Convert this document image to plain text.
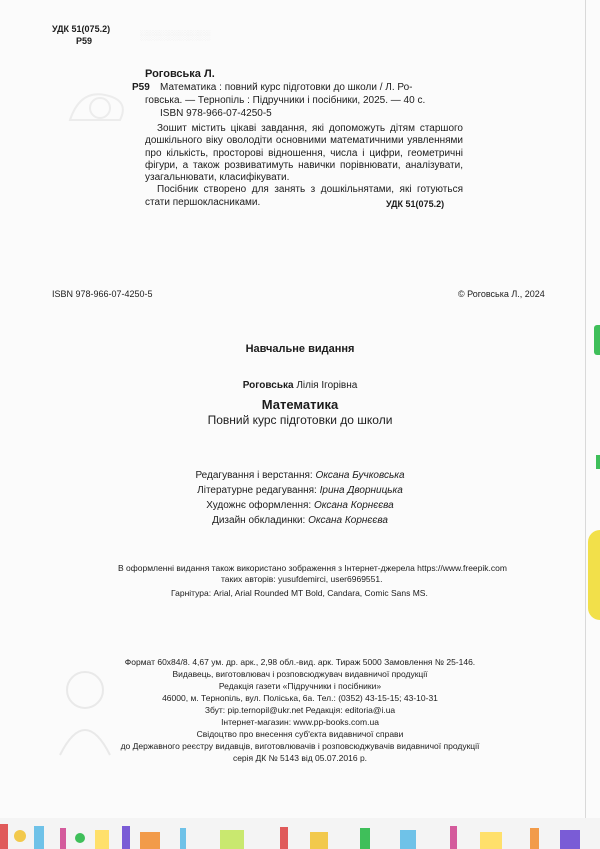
░░░░░░░░░░░
УДК 51(075.2)
Р59
Роговська Л.
Р59 Математика : повний курс підготовки до школи / Л. Ро-
говська. — Тернопіль : Підручники і посібники, 2025. — 40 с.
ISBN 978-966-07-4250-5

Зошит містить цікаві завдання, які допоможуть дітям старшого дошкільного віку оволодіти основними математичними уявленнями про кількість, просторові відношення, числа і цифри, геометричні фігури, а також розвиватимуть навички порівнювати, аналізувати, узагальнювати, класифікувати.

Посібник створено для занять з дошкільнятами, які готуються стати першокласниками.	УДК 51(075.2)
ISBN 978-966-07-4250-5	© Роговська Л., 2024
Навчальне видання
Роговська Лілія Ігорівна
Математика
Повний курс підготовки до школи
Редагування і верстання: Оксана Бучковська
Літературне редагування: Ірина Дворницька
Художнє оформлення: Оксана Корнєєва
Дизайн обкладинки: Оксана Корнєєва
В оформленні видання також використано зображення з Інтернет-джерела https://www.freepik.com
таких авторів: yusufdemirci, user6969551.
Гарнітура: Arial, Arial Rounded MT Bold, Candara, Comic Sans MS.
Формат 60х84/8. 4,67 ум. др. арк., 2,98 обл.-вид. арк. Тираж 5000 Замовлення № 25-146.
Видавець, виготовлювач і розповсюджувач видавничої продукції
Редакція газети «Підручники і посібники»
46000, м. Тернопіль, вул. Поліська, 6а. Тел.: (0352) 43-15-15; 43-10-31
Збут: pip.ternopil@ukr.net Редакція: editoria@i.ua
Інтернет-магазин: www.pp-books.com.ua
Свідоцтво про внесення суб'єкта видавничої справи
до Державного реєстру видавців, виготовлювачів і розповсюджувачів видавничої продукції
серія ДК № 5143 від 05.07.2016 р.
